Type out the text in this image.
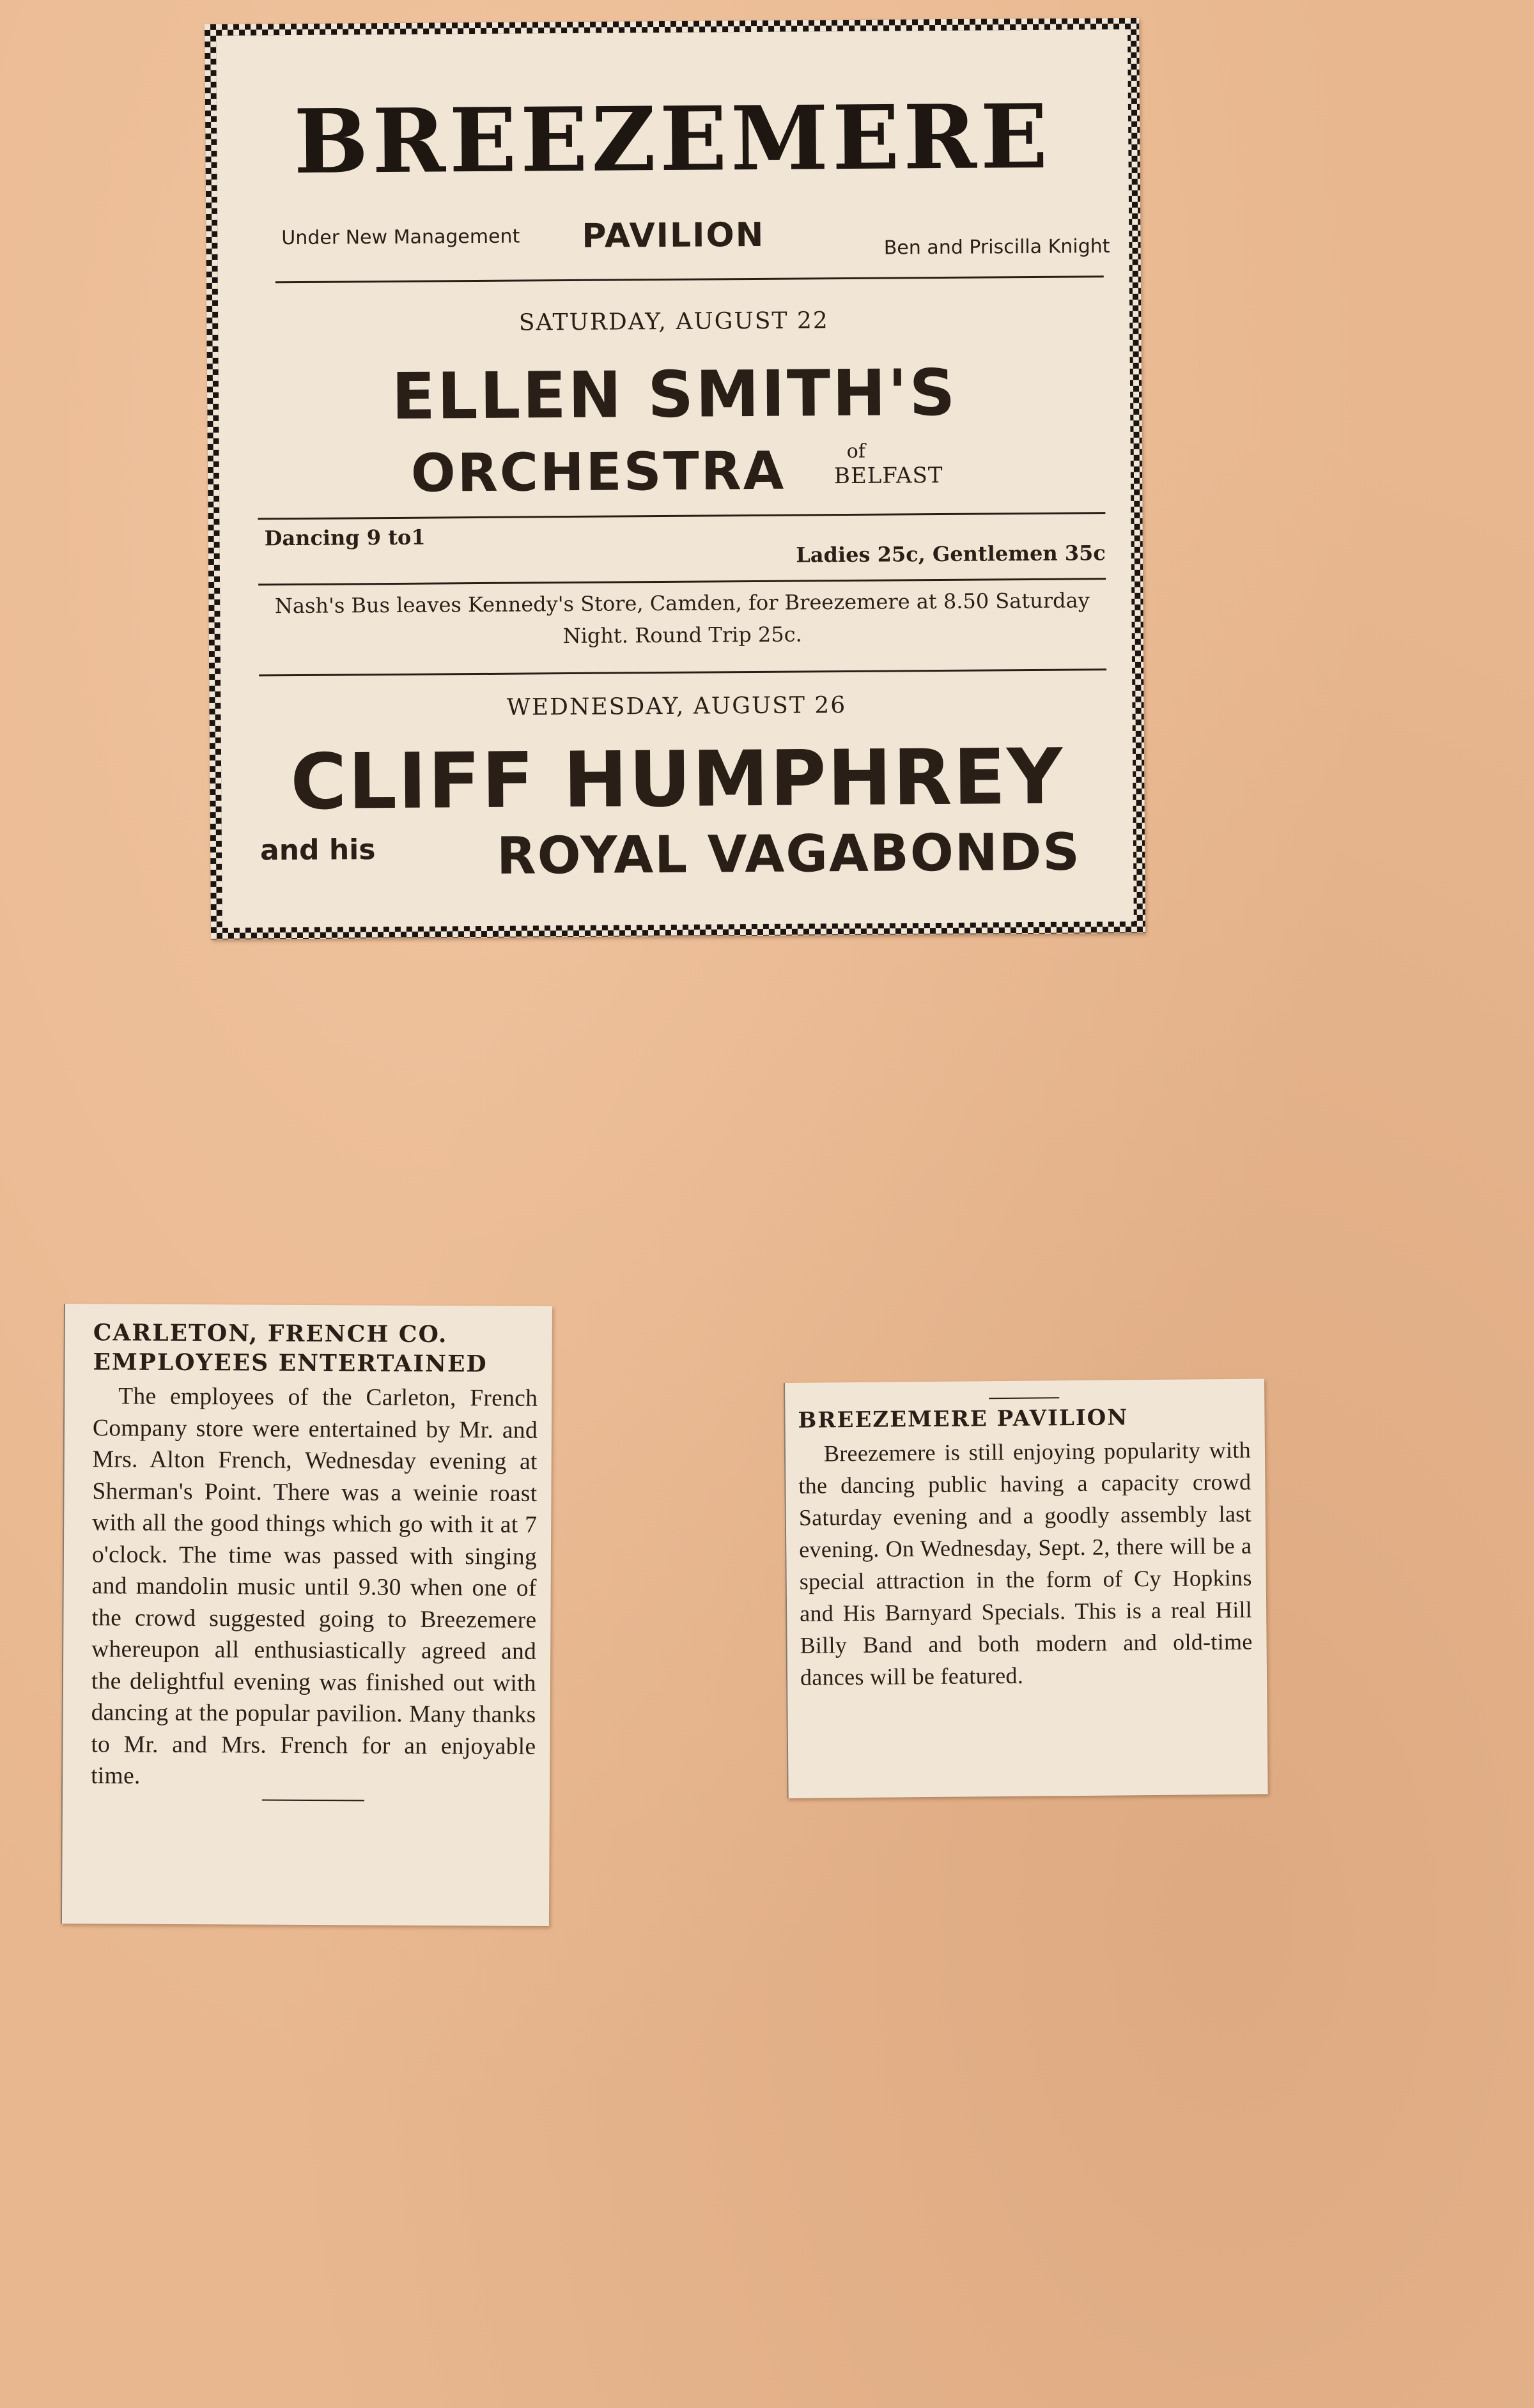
BREEZEMERE
Under New Management	PAVILION	Ben and Priscilla Knight
SATURDAY, AUGUST 22
ELLEN SMITH'S
ORCHESTRA	of
BELFAST
Dancing 9 to1
Ladies 25c, Gentlemen 35c
Nash's Bus leaves Kennedy's Store, Camden, for Breezemere at 8.50 Saturday Night. Round Trip 25c.
WEDNESDAY, AUGUST 26
CLIFF HUMPHREY
and his ROYAL VAGABONDS
CARLETON, FRENCH CO.
EMPLOYEES ENTERTAINED

The employees of the Carleton, French Company store were entertained by Mr. and Mrs. Alton French, Wednesday evening at Sherman's Point. There was a weinie roast with all the good things which go with it at 7 o'clock. The time was passed with singing and mandolin music until 9.30 when one of the crowd suggested going to Breezemere whereupon all enthusiastically agreed and the delightful evening was finished out with dancing at the popular pavilion. Many thanks to Mr. and Mrs. French for an enjoyable time.

BREEZEMERE PAVILION

Breezemere is still enjoying popularity with the dancing public having a capacity crowd Saturday evening and a goodly assembly last evening. On Wednesday, Sept. 2, there will be a special attraction in the form of Cy Hopkins and His Barnyard Specials. This is a real Hill Billy Band and both modern and old-time dances will be featured.
